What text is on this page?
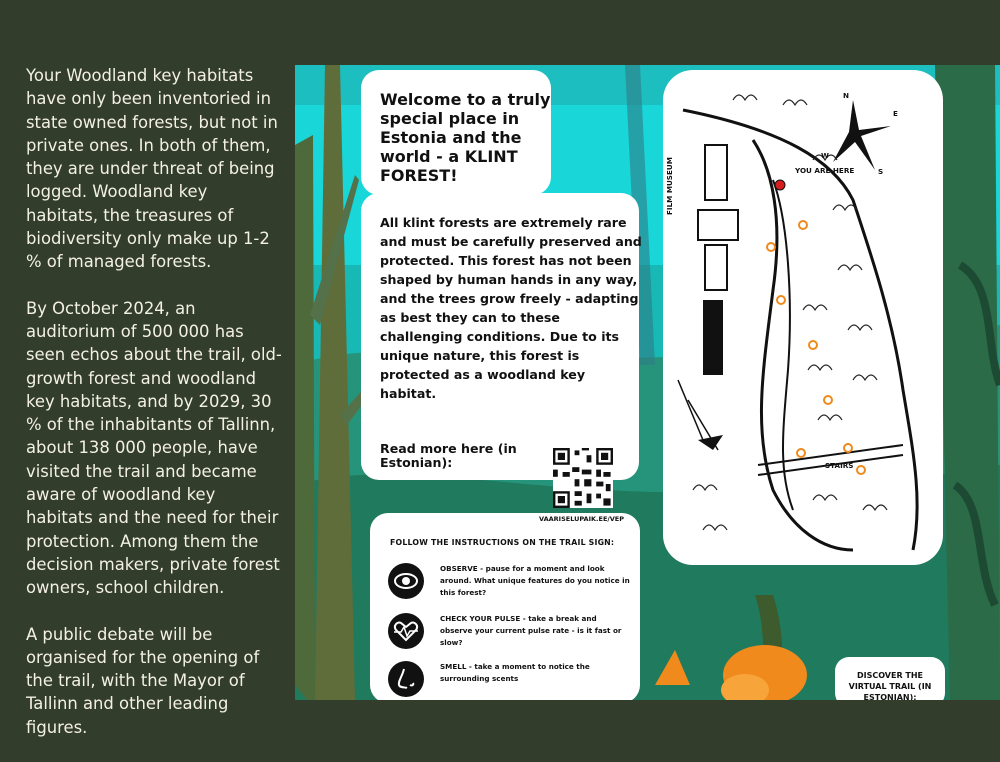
Your Woodland key habitats have only been inventoried in state owned forests, but not in private ones. In both of them, they are under threat of being logged. Woodland key habitats, the treasures of biodiversity only make up 1-2 % of managed forests.

By October 2024, an auditorium of 500 000 has seen echos about the trail, old-growth forest and woodland key habitats, and by 2029, 30 % of the inhabitants of Tallinn, about 138 000 people, have visited the trail and became aware of woodland key habitats and the need for their protection. Among them the decision makers, private forest owners, school children.

A public debate will be organised for the opening of the trail, with the Mayor of Tallinn and other leading figures.

Welcome to a truly special place in Estonia and the world - a KLINT FOREST!
All klint forests are extremely rare and must be carefully preserved and protected. This forest has not been shaped by human hands in any way, and the trees grow freely - adapting as best they can to these challenging conditions. Due to its unique nature, this forest is protected as a woodland key habitat.
Read more here (in Estonian):
VAARISELUPAIK.EE/VEP
FOLLOW THE INSTRUCTIONS ON THE TRAIL SIGN:
OBSERVE - pause for a moment and look around. What unique features do you notice in this forest?
CHECK YOUR PULSE - take a break and observe your current pulse rate - is it fast or slow?
SMELL - take a moment to notice the surrounding scents
FILM MUSEUM	YOU ARE HERE
STAIRS
N
E
S
W
DISCOVER THE VIRTUAL TRAIL (IN ESTONIAN):
